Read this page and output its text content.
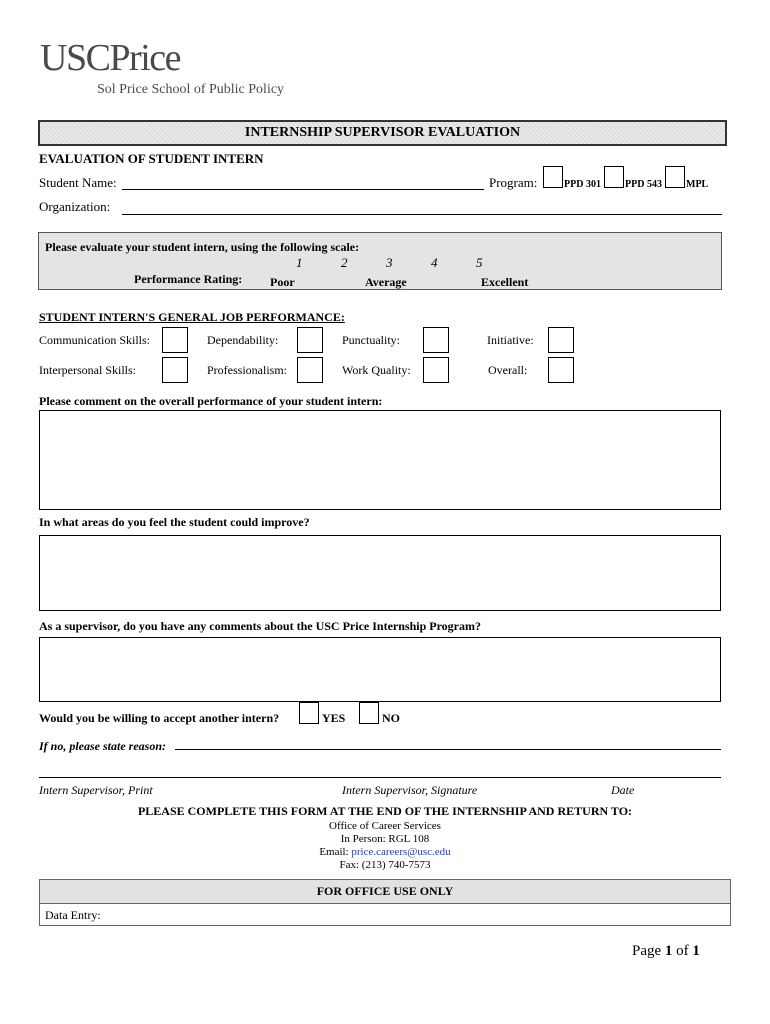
USCPrice
Sol Price School of Public Policy
INTERNSHIP SUPERVISOR EVALUATION
EVALUATION OF STUDENT INTERN
Student Name:	Program:	PPD 301 PPD 543 MPL
Organization:
Please evaluate your student intern, using the following scale:
1	2	3	4	5
Performance Rating: Poor	Average	Excellent
STUDENT INTERN'S GENERAL JOB PERFORMANCE:
Communication Skills:	Dependability:	Punctuality:	Initiative:
Interpersonal Skills:	Professionalism:	Work Quality:	Overall:
Please comment on the overall performance of your student intern:
In what areas do you feel the student could improve?
As a supervisor, do you have any comments about the USC Price Internship Program?
Would you be willing to accept another intern?	YES	NO
If no, please state reason:
Intern Supervisor, Print	Intern Supervisor, Signature	Date
PLEASE COMPLETE THIS FORM AT THE END OF THE INTERNSHIP AND RETURN TO:
Office of Career Services
In Person: RGL 108
Email: price.careers@usc.edu
Fax: (213) 740-7573
FOR OFFICE USE ONLY
Data Entry:
Page 1 of 1
